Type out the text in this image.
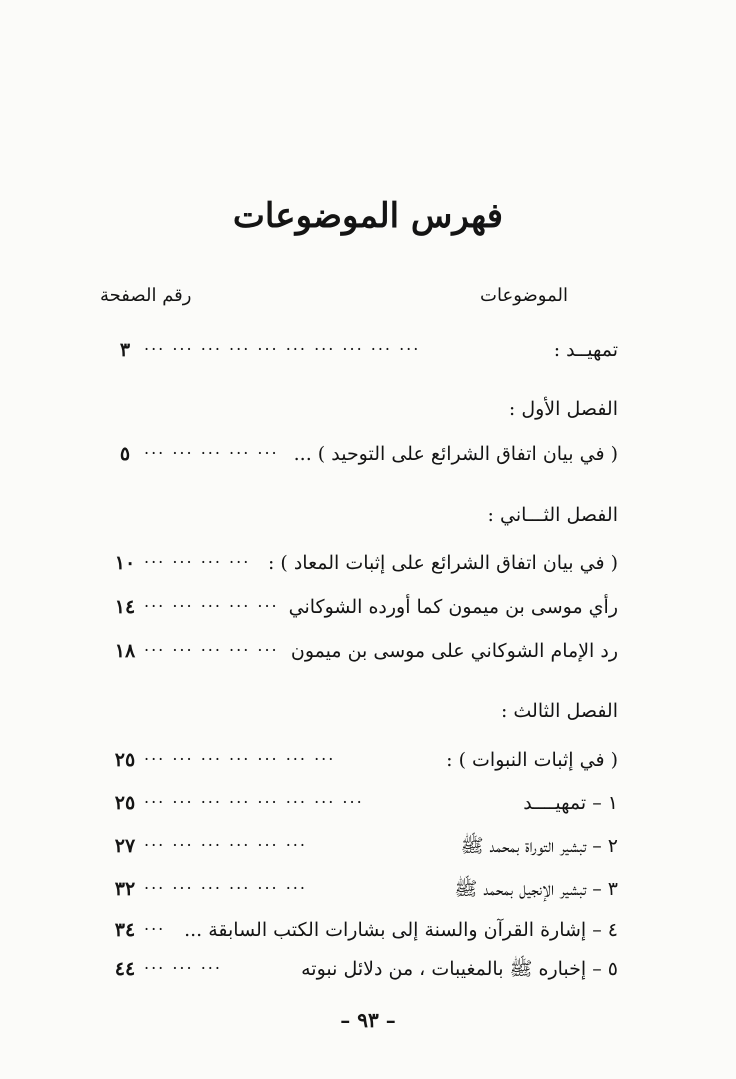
فهرس الموضوعات
الموضوعات
رقم الصفحة
تمهيــد :
... ... ... ... ... ... ... ... ... ...
٣
الفصل الأول :
( في بيان اتفاق الشرائع على التوحيد ) ...
... ... ... ... ...
٥
الفصل الثـــاني :
( في بيان اتفاق الشرائع على إثبات المعاد ) :
... ... ... ...
١٠
رأي موسى بن ميمون كما أورده الشوكاني
... ... ... ... ...
١٤
رد الإمام الشوكاني على موسى بن ميمون
... ... ... ... ...
١٨
الفصل الثالث :
( في إثبات النبوات ) :
... ... ... ... ... ... ...
٢٥
١ – تمهيــــد
... ... ... ... ... ... ... ...
٢٥
٢ – تبشير التوراة بمحمد ﷺ
... ... ... ... ... ...
٢٧
٣ – تبشير الإنجيل بمحمد ﷺ
... ... ... ... ... ...
٣٢
٤ – إشارة القرآن والسنة إلى بشارات الكتب السابقة ...
...
٣٤
٥ – إخباره ﷺ بالمغيبات ، من دلائل نبوته
... ... ...
٤٤
– ٩٣ –
